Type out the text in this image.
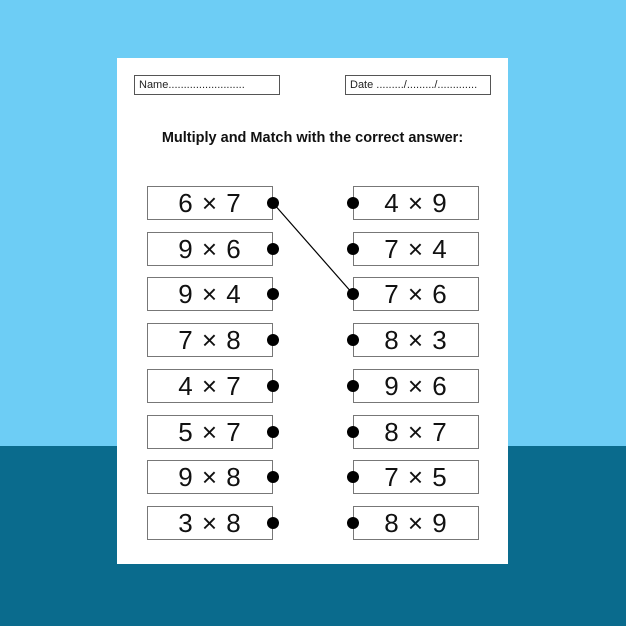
Name.........................	Date ........./........./.............
Multiply and Match with the correct answer:
6 × 7
9 × 6
9 × 4
7 × 8
4 × 7
5 × 7
9 × 8
3 × 8
4 × 9
7 × 4
7 × 6
8 × 3
9 × 6
8 × 7
7 × 5
8 × 9
